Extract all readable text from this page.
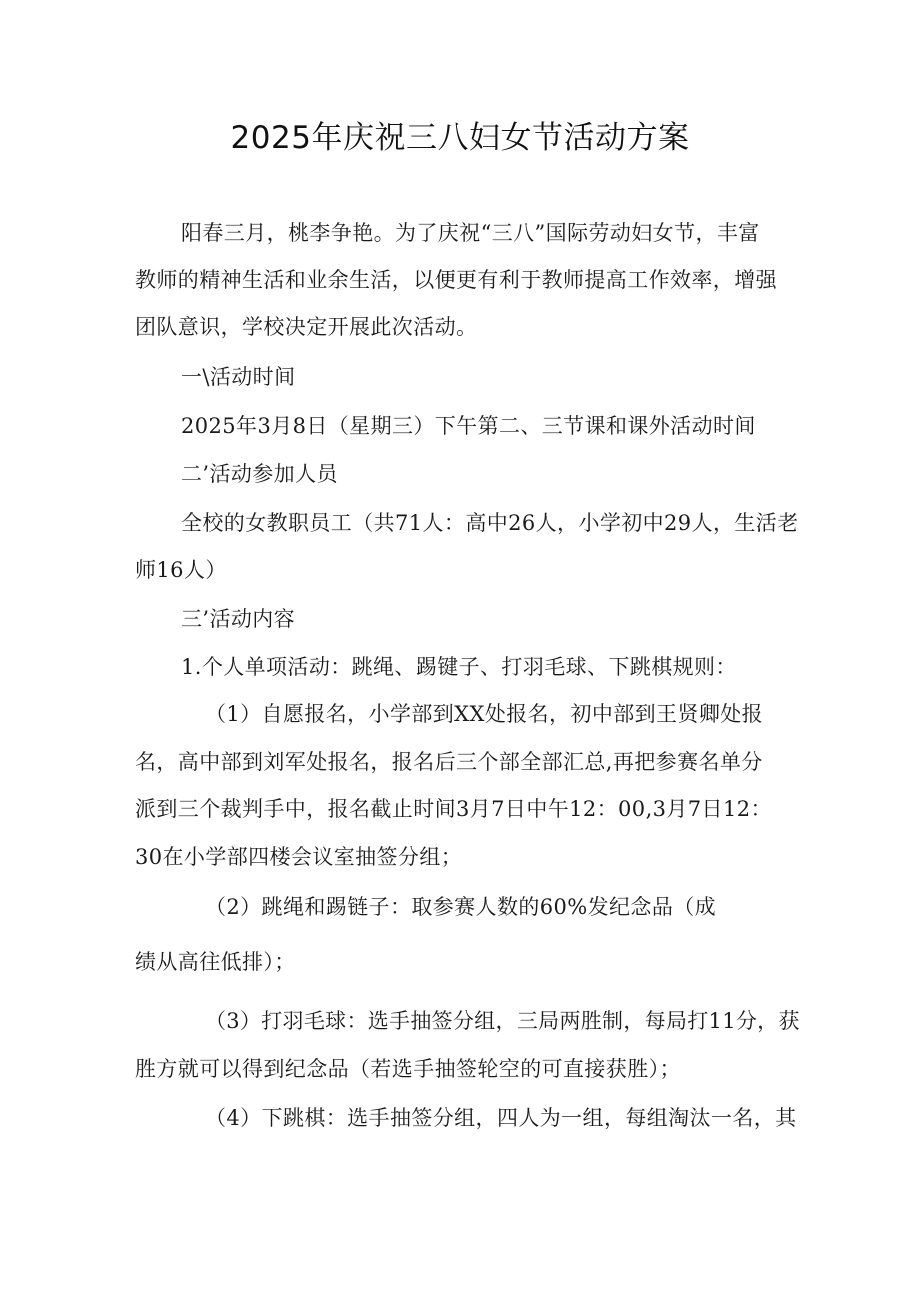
2025年庆祝三八妇女节活动方案
阳春三月，桃李争艳。为了庆祝“三八”国际劳动妇女节，丰富
教师的精神生活和业余生活，以便更有利于教师提高工作效率，增强
团队意识，学校决定开展此次活动。
一\活动时间
2025年3月8日（星期三）下午第二、三节课和课外活动时间
二’活动参加人员
全校的女教职员工（共71人：高中26人，小学初中29人，生活老
师16人）
三’活动内容
1.个人单项活动：跳绳、踢键子、打羽毛球、下跳棋规则：
（1）自愿报名，小学部到XX处报名，初中部到王贤卿处报
名，高中部到刘军处报名，报名后三个部全部汇总,再把参赛名单分
派到三个裁判手中，报名截止时间3月7日中午12：00,3月7日12：
30在小学部四楼会议室抽签分组；
（2）跳绳和踢链子：取参赛人数的60%发纪念品（成
绩从高往低排）；
（3）打羽毛球：选手抽签分组，三局两胜制，每局打11分，获
胜方就可以得到纪念品（若选手抽签轮空的可直接获胜）；
（4）下跳棋：选手抽签分组，四人为一组，每组淘汰一名，其
